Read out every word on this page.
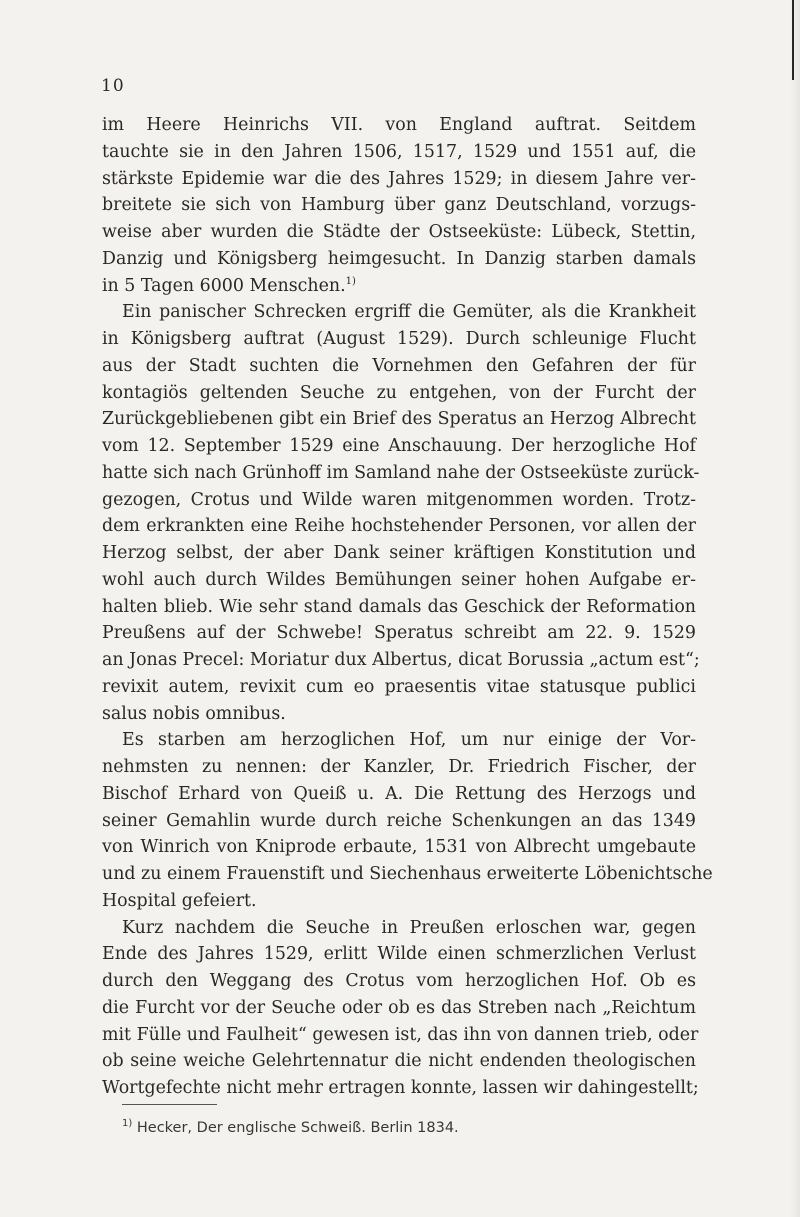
10
im Heere Heinrichs VII. von England auftrat. Seitdem
tauchte sie in den Jahren 1506, 1517, 1529 und 1551 auf, die
stärkste Epidemie war die des Jahres 1529; in diesem Jahre ver-
breitete sie sich von Hamburg über ganz Deutschland, vorzugs-
weise aber wurden die Städte der Ostseeküste: Lübeck, Stettin,
Danzig und Königsberg heimgesucht. In Danzig starben damals
in 5 Tagen 6000 Menschen.$^{1)}$
Ein panischer Schrecken ergriff die Gemüter, als die Krankheit
in Königsberg auftrat (August 1529). Durch schleunige Flucht
aus der Stadt suchten die Vornehmen den Gefahren der für
kontagiös geltenden Seuche zu entgehen, von der Furcht der
Zurückgebliebenen gibt ein Brief des Speratus an Herzog Albrecht
vom 12. September 1529 eine Anschauung. Der herzogliche Hof
hatte sich nach Grünhoff im Samland nahe der Ostseeküste zurück-
gezogen, Crotus und Wilde waren mitgenommen worden. Trotz-
dem erkrankten eine Reihe hochstehender Personen, vor allen der
Herzog selbst, der aber Dank seiner kräftigen Konstitution und
wohl auch durch Wildes Bemühungen seiner hohen Aufgabe er-
halten blieb. Wie sehr stand damals das Geschick der Reformation
Preußens auf der Schwebe! Speratus schreibt am 22. 9. 1529
an Jonas Precel: Moriatur dux Albertus, dicat Borussia „actum est“;
revixit autem, revixit cum eo praesentis vitae statusque publici
salus nobis omnibus.
Es starben am herzoglichen Hof, um nur einige der Vor-
nehmsten zu nennen: der Kanzler, Dr. Friedrich Fischer, der
Bischof Erhard von Queiß u. A. Die Rettung des Herzogs und
seiner Gemahlin wurde durch reiche Schenkungen an das 1349
von Winrich von Kniprode erbaute, 1531 von Albrecht umgebaute
und zu einem Frauenstift und Siechenhaus erweiterte Löbenichtsche
Hospital gefeiert.
Kurz nachdem die Seuche in Preußen erloschen war, gegen
Ende des Jahres 1529, erlitt Wilde einen schmerzlichen Verlust
durch den Weggang des Crotus vom herzoglichen Hof. Ob es
die Furcht vor der Seuche oder ob es das Streben nach „Reichtum
mit Fülle und Faulheit“ gewesen ist, das ihn von dannen trieb, oder
ob seine weiche Gelehrtennatur die nicht endenden theologischen
Wortgefechte nicht mehr ertragen konnte, lassen wir dahingestellt;
$^{1)}$ Hecker, Der englische Schweiß. Berlin 1834.
